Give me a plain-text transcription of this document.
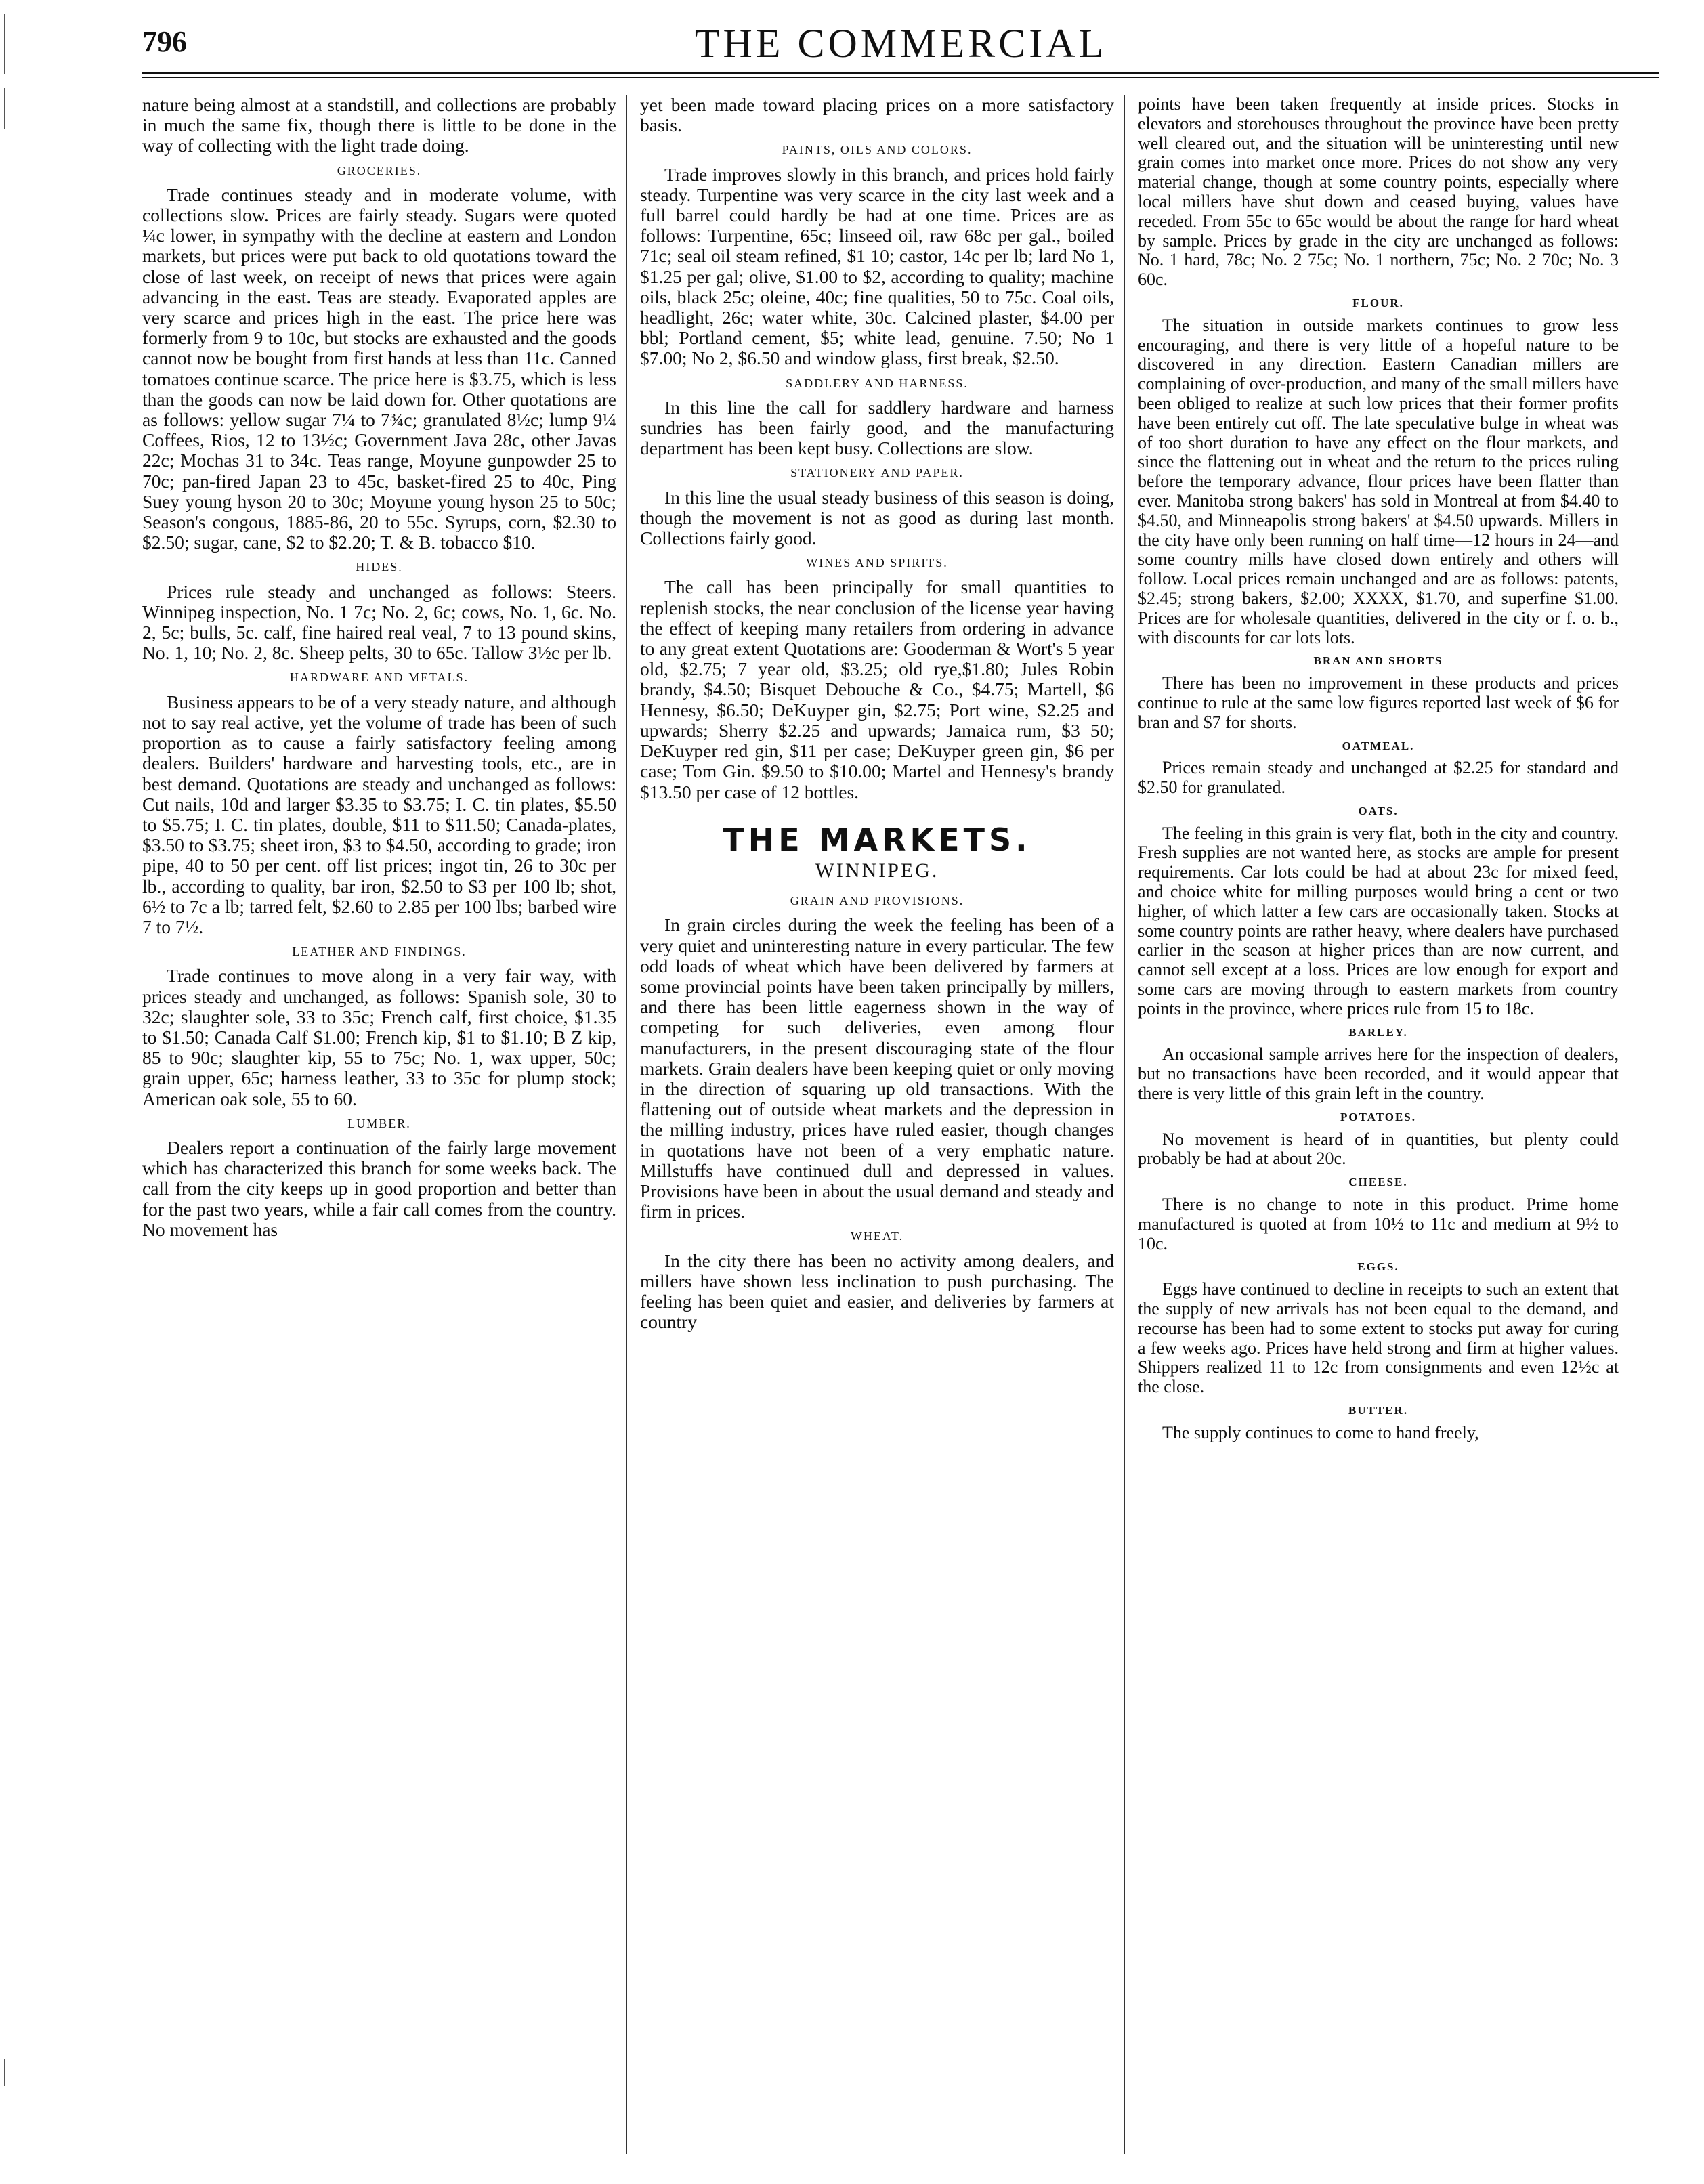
796	THE COMMERCIAL

nature being almost at a standstill, and collections are probably in much the same fix, though there is little to be done in the way of collecting with the light trade doing.

GROCERIES.

Trade continues steady and in moderate volume, with collections slow. Prices are fairly steady. Sugars were quoted ¼c lower, in sympathy with the decline at eastern and London markets, but prices were put back to old quotations toward the close of last week, on receipt of news that prices were again advancing in the east. Teas are steady. Evaporated apples are very scarce and prices high in the east. The price here was formerly from 9 to 10c, but stocks are exhausted and the goods cannot now be bought from first hands at less than 11c. Canned tomatoes continue scarce. The price here is $3.75, which is less than the goods can now be laid down for. Other quotations are as follows: yellow sugar 7¼ to 7¾c; granulated 8½c; lump 9¼ Coffees, Rios, 12 to 13½c; Government Java 28c, other Javas 22c; Mochas 31 to 34c. Teas range, Moyune gunpowder 25 to 70c; pan-fired Japan 23 to 45c, basket-fired 25 to 40c, Ping Suey young hyson 20 to 30c; Moyune young hyson 25 to 50c; Season's congous, 1885-86, 20 to 55c. Syrups, corn, $2.30 to $2.50; sugar, cane, $2 to $2.20; T. & B. tobacco $10.

HIDES.

Prices rule steady and unchanged as follows: Steers. Winnipeg inspection, No. 1 7c; No. 2, 6c; cows, No. 1, 6c. No. 2, 5c; bulls, 5c. calf, fine haired real veal, 7 to 13 pound skins, No. 1, 10; No. 2, 8c. Sheep pelts, 30 to 65c. Tallow 3½c per lb.

HARDWARE AND METALS.

Business appears to be of a very steady nature, and although not to say real active, yet the volume of trade has been of such proportion as to cause a fairly satisfactory feeling among dealers. Builders' hardware and harvesting tools, etc., are in best demand. Quotations are steady and unchanged as follows: Cut nails, 10d and larger $3.35 to $3.75; I. C. tin plates, $5.50 to $5.75; I. C. tin plates, double, $11 to $11.50; Canada-plates, $3.50 to $3.75; sheet iron, $3 to $4.50, according to grade; iron pipe, 40 to 50 per cent. off list prices; ingot tin, 26 to 30c per lb., according to quality, bar iron, $2.50 to $3 per 100 lb; shot, 6½ to 7c a lb; tarred felt, $2.60 to 2.85 per 100 lbs; barbed wire 7 to 7½.

LEATHER AND FINDINGS.

Trade continues to move along in a very fair way, with prices steady and unchanged, as follows: Spanish sole, 30 to 32c; slaughter sole, 33 to 35c; French calf, first choice, $1.35 to $1.50; Canada Calf $1.00; French kip, $1 to $1.10; B Z kip, 85 to 90c; slaughter kip, 55 to 75c; No. 1, wax upper, 50c; grain upper, 65c; harness leather, 33 to 35c for plump stock; American oak sole, 55 to 60.

LUMBER.

Dealers report a continuation of the fairly large movement which has characterized this branch for some weeks back. The call from the city keeps up in good proportion and better than for the past two years, while a fair call comes from the country. No movement has

yet been made toward placing prices on a more satisfactory basis.

PAINTS, OILS AND COLORS.

Trade improves slowly in this branch, and prices hold fairly steady. Turpentine was very scarce in the city last week and a full barrel could hardly be had at one time. Prices are as follows: Turpentine, 65c; linseed oil, raw 68c per gal., boiled 71c; seal oil steam refined, $1 10; castor, 14c per lb; lard No 1, $1.25 per gal; olive, $1.00 to $2, according to quality; machine oils, black 25c; oleine, 40c; fine qualities, 50 to 75c. Coal oils, headlight, 26c; water white, 30c. Calcined plaster, $4.00 per bbl; Portland cement, $5; white lead, genuine. 7.50; No 1 $7.00; No 2, $6.50 and window glass, first break, $2.50.

SADDLERY AND HARNESS.

In this line the call for saddlery hardware and harness sundries has been fairly good, and the manufacturing department has been kept busy. Collections are slow.

STATIONERY AND PAPER.

In this line the usual steady business of this season is doing, though the movement is not as good as during last month. Collections fairly good.

WINES AND SPIRITS.

The call has been principally for small quantities to replenish stocks, the near conclusion of the license year having the effect of keeping many retailers from ordering in advance to any great extent Quotations are: Gooderman & Wort's 5 year old, $2.75; 7 year old, $3.25; old rye,$1.80; Jules Robin brandy, $4.50; Bisquet Debouche & Co., $4.75; Martell, $6 Hennesy, $6.50; DeKuyper gin, $2.75; Port wine, $2.25 and upwards; Sherry $2.25 and upwards; Jamaica rum, $3 50; DeKuyper red gin, $11 per case; DeKuyper green gin, $6 per case; Tom Gin. $9.50 to $10.00; Martel and Hennesy's brandy $13.50 per case of 12 bottles.

THE MARKETS.
WINNIPEG.
GRAIN AND PROVISIONS.

In grain circles during the week the feeling has been of a very quiet and uninteresting nature in every particular. The few odd loads of wheat which have been delivered by farmers at some provincial points have been taken principally by millers, and there has been little eagerness shown in the way of competing for such deliveries, even among flour manufacturers, in the present discouraging state of the flour markets. Grain dealers have been keeping quiet or only moving in the direction of squaring up old transactions. With the flattening out of outside wheat markets and the depression in the milling industry, prices have ruled easier, though changes in quotations have not been of a very emphatic nature. Millstuffs have continued dull and depressed in values. Provisions have been in about the usual demand and steady and firm in prices.

WHEAT.

In the city there has been no activity among dealers, and millers have shown less inclination to push purchasing. The feeling has been quiet and easier, and deliveries by farmers at country

points have been taken frequently at inside prices. Stocks in elevators and storehouses throughout the province have been pretty well cleared out, and the situation will be uninteresting until new grain comes into market once more. Prices do not show any very material change, though at some country points, especially where local millers have shut down and ceased buying, values have receded. From 55c to 65c would be about the range for hard wheat by sample. Prices by grade in the city are unchanged as follows: No. 1 hard, 78c; No. 2 75c; No. 1 northern, 75c; No. 2 70c; No. 3 60c.

FLOUR.

The situation in outside markets continues to grow less encouraging, and there is very little of a hopeful nature to be discovered in any direction. Eastern Canadian millers are complaining of over-production, and many of the small millers have been obliged to realize at such low prices that their former profits have been entirely cut off. The late speculative bulge in wheat was of too short duration to have any effect on the flour markets, and since the flattening out in wheat and the return to the prices ruling before the temporary advance, flour prices have been flatter than ever. Manitoba strong bakers' has sold in Montreal at from $4.40 to $4.50, and Minneapolis strong bakers' at $4.50 upwards. Millers in the city have only been running on half time—12 hours in 24—and some country mills have closed down entirely and others will follow. Local prices remain unchanged and are as follows: patents, $2.45; strong bakers, $2.00; XXXX, $1.70, and superfine $1.00. Prices are for wholesale quantities, delivered in the city or f. o. b., with discounts for car lots lots.

BRAN AND SHORTS

There has been no improvement in these products and prices continue to rule at the same low figures reported last week of $6 for bran and $7 for shorts.

OATMEAL.

Prices remain steady and unchanged at $2.25 for standard and $2.50 for granulated.

OATS.

The feeling in this grain is very flat, both in the city and country. Fresh supplies are not wanted here, as stocks are ample for present requirements. Car lots could be had at about 23c for mixed feed, and choice white for milling purposes would bring a cent or two higher, of which latter a few cars are occasionally taken. Stocks at some country points are rather heavy, where dealers have purchased earlier in the season at higher prices than are now current, and cannot sell except at a loss. Prices are low enough for export and some cars are moving through to eastern markets from country points in the province, where prices rule from 15 to 18c.

BARLEY.

An occasional sample arrives here for the inspection of dealers, but no transactions have been recorded, and it would appear that there is very little of this grain left in the country.

POTATOES.

No movement is heard of in quantities, but plenty could probably be had at about 20c.

CHEESE.

There is no change to note in this product. Prime home manufactured is quoted at from 10½ to 11c and medium at 9½ to 10c.

EGGS.

Eggs have continued to decline in receipts to such an extent that the supply of new arrivals has not been equal to the demand, and recourse has been had to some extent to stocks put away for curing a few weeks ago. Prices have held strong and firm at higher values. Shippers realized 11 to 12c from consignments and even 12½c at the close.

BUTTER.

The supply continues to come to hand freely,
